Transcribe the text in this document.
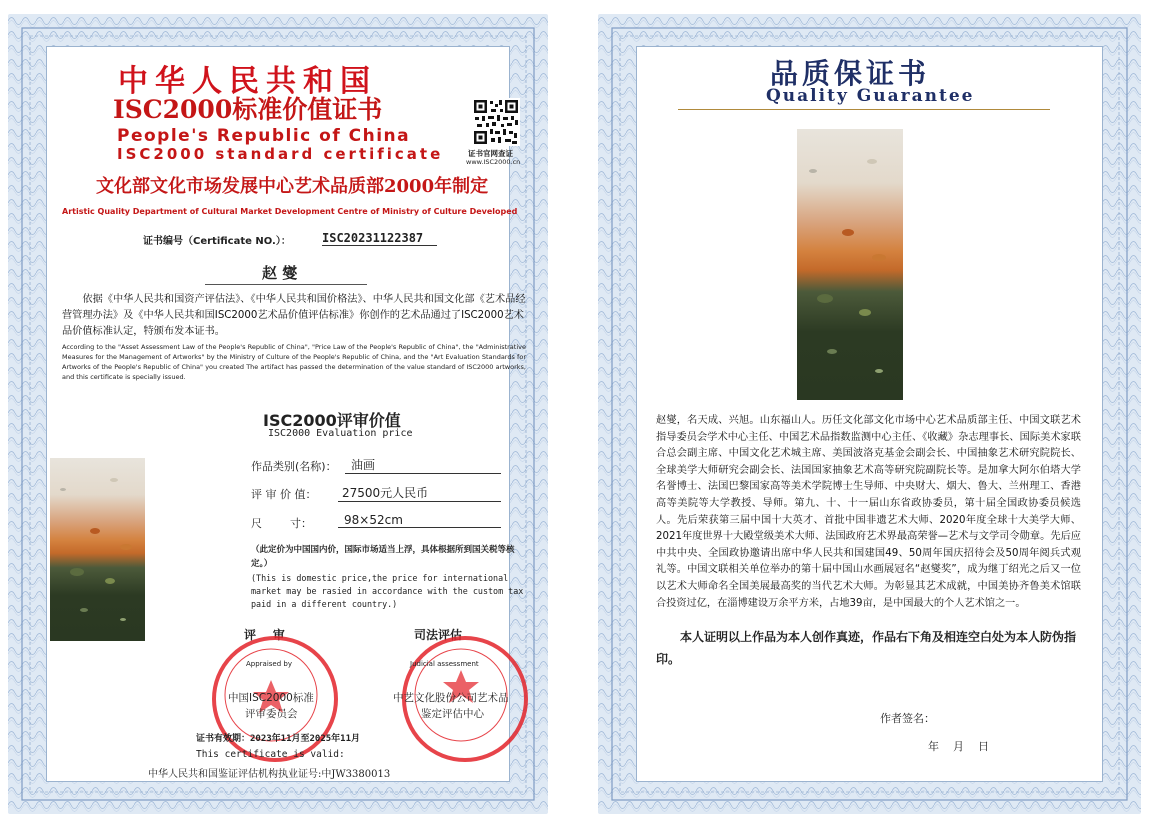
中华人民共和国
ISC2000标准价值证书
People's Republic of China
ISC2000 standard certificate	证书官网查证
www.ISC2000.cn
文化部文化市场发展中心艺术品质部2000年制定
Artistic Quality Department of Cultural Market Development Centre of Ministry of Culture Developed
证书编号（Certificate NO.）：	ISC20231122387
赵 燮
依据《中华人民共和国资产评估法》、《中华人民共和国价格法》、中华人民共和国文化部《艺术品经营管理办法》及《中华人民共和国ISC2000艺术品价值评估标准》你创作的艺术品通过了ISC2000艺术品价值标准认定，特颁布发本证书。
According to the "Asset Assessment Law of the People's Republic of China", "Price Law of the People's Republic of China", the "Administrative Measures for the Management of Artworks" by the Ministry of Culture of the People's Republic of China, and the "Art Evaluation Standards for Artworks of the People's Republic of China" you created The artifact has passed the determination of the value standard of ISC2000 artworks, and this certificate is specially issued.
ISC2000评审价值
ISC2000 Evaluation price
作品类别(名称)：	油画
评 审 价 值：	27500元人民币
尺        寸：	98×52cm
（此定价为中国国内价，国际市场适当上浮，具体根据所到国关税等核定。）
(This is domestic price,the price for international market may be rasied in accordance with the custom tax paid in a different country.)
评    审	司法评估
Appraised by	Judicial assessment
中国ISC2000标准
评审委员会
中艺文化股份公司艺术品
鉴定评估中心
证书有效期：2023年11月至2025年11月
This certificate is valid:
中华人民共和国鉴证评估机构执业证号:中JW3380013
品质保证书
Quality Guarantee
赵燮，名天成、兴旭。山东福山人。历任文化部文化市场中心艺术品质部主任、中国文联艺术指导委员会学术中心主任、中国艺术品指数监测中心主任、《收藏》杂志理事长、国际美术家联合总会副主席、中国文化艺术城主席、美国波洛克基金会副会长、中国抽象艺术研究院院长、全球美学大师研究会副会长、法国国家抽象艺术高等研究院副院长等。是加拿大阿尔伯塔大学名誉博士、法国巴黎国家高等美术学院博士生导师、中央财大、烟大、鲁大、兰州理工、香港高等美院等大学教授、导师。第九、十、十一届山东省政协委员，第十届全国政协委员候选人。先后荣获第三届中国十大英才、首批中国非遗艺术大师、2020年度全球十大美学大师、2021年度世界十大殿堂级美术大师、法国政府艺术界最高荣誉—艺术与文学司令勋章。先后应中共中央、全国政协邀请出席中华人民共和国建国49、50周年国庆招待会及50周年阅兵式观礼等。中国文联相关单位举办的第十届中国山水画展冠名“赵燮奖”，成为继丁绍光之后又一位以艺术大师命名全国美展最高奖的当代艺术大师。为彰显其艺术成就，中国美协齐鲁美术馆联合投资过亿，在淄博建设万余平方米，占地39亩，是中国最大的个人艺术馆之一。
本人证明以上作品为本人创作真迹，作品右下角及相连空白处为本人防伪指印。
作者签名：
年    月    日
